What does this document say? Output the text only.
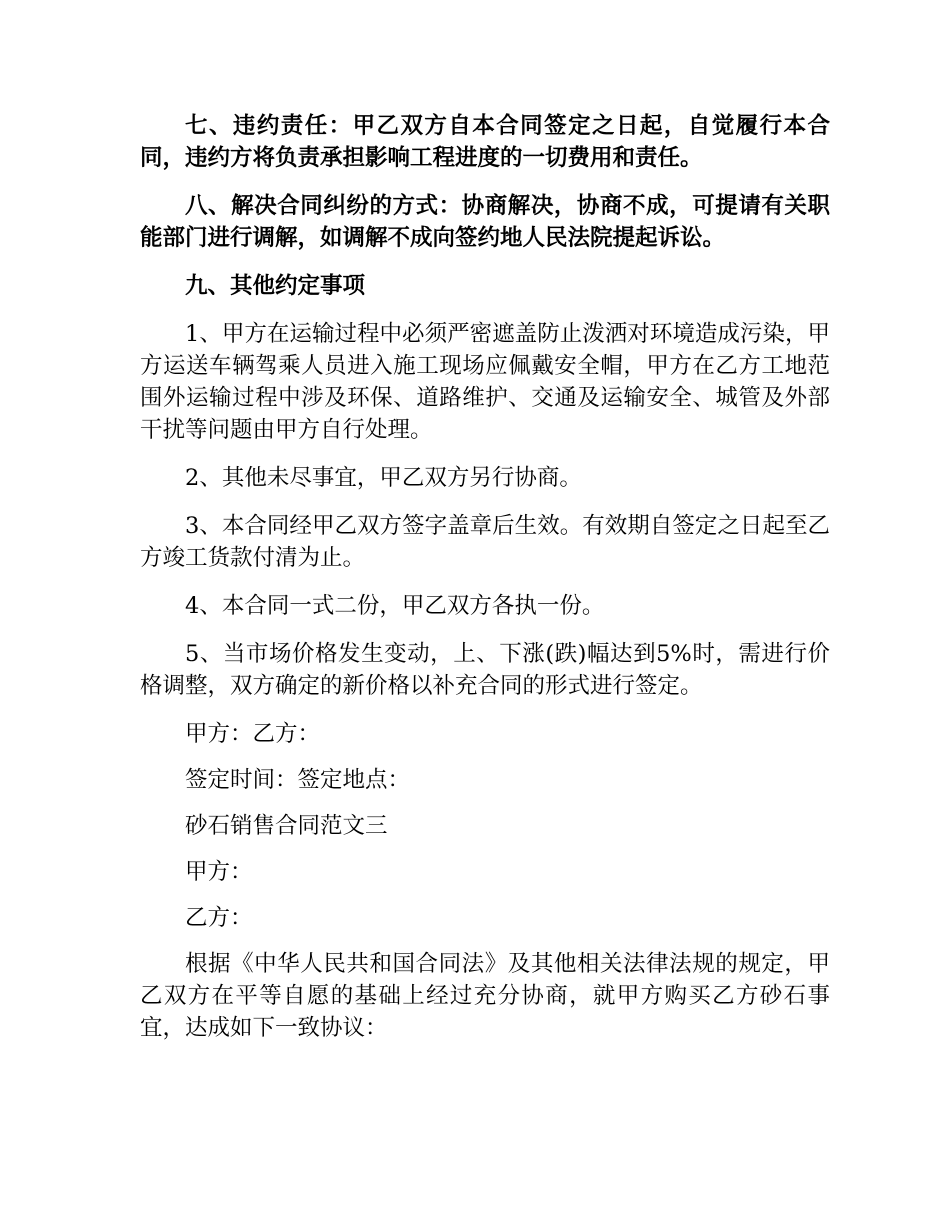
七、违约责任：甲乙双方自本合同签定之日起，自觉履行本合同，违约方将负责承担影响工程进度的一切费用和责任。

八、解决合同纠纷的方式：协商解决，协商不成，可提请有关职能部门进行调解，如调解不成向签约地人民法院提起诉讼。

九、其他约定事项

1、甲方在运输过程中必须严密遮盖防止泼洒对环境造成污染，甲方运送车辆驾乘人员进入施工现场应佩戴安全帽，甲方在乙方工地范围外运输过程中涉及环保、道路维护、交通及运输安全、城管及外部干扰等问题由甲方自行处理。

2、其他未尽事宜，甲乙双方另行协商。

3、本合同经甲乙双方签字盖章后生效。有效期自签定之日起至乙方竣工货款付清为止。

4、本合同一式二份，甲乙双方各执一份。

5、当市场价格发生变动，上、下涨(跌)幅达到5%时，需进行价格调整，双方确定的新价格以补充合同的形式进行签定。

甲方：乙方：

签定时间：签定地点：

砂石销售合同范文三

甲方：

乙方：

根据《中华人民共和国合同法》及其他相关法律法规的规定，甲乙双方在平等自愿的基础上经过充分协商，就甲方购买乙方砂石事宜，达成如下一致协议：
